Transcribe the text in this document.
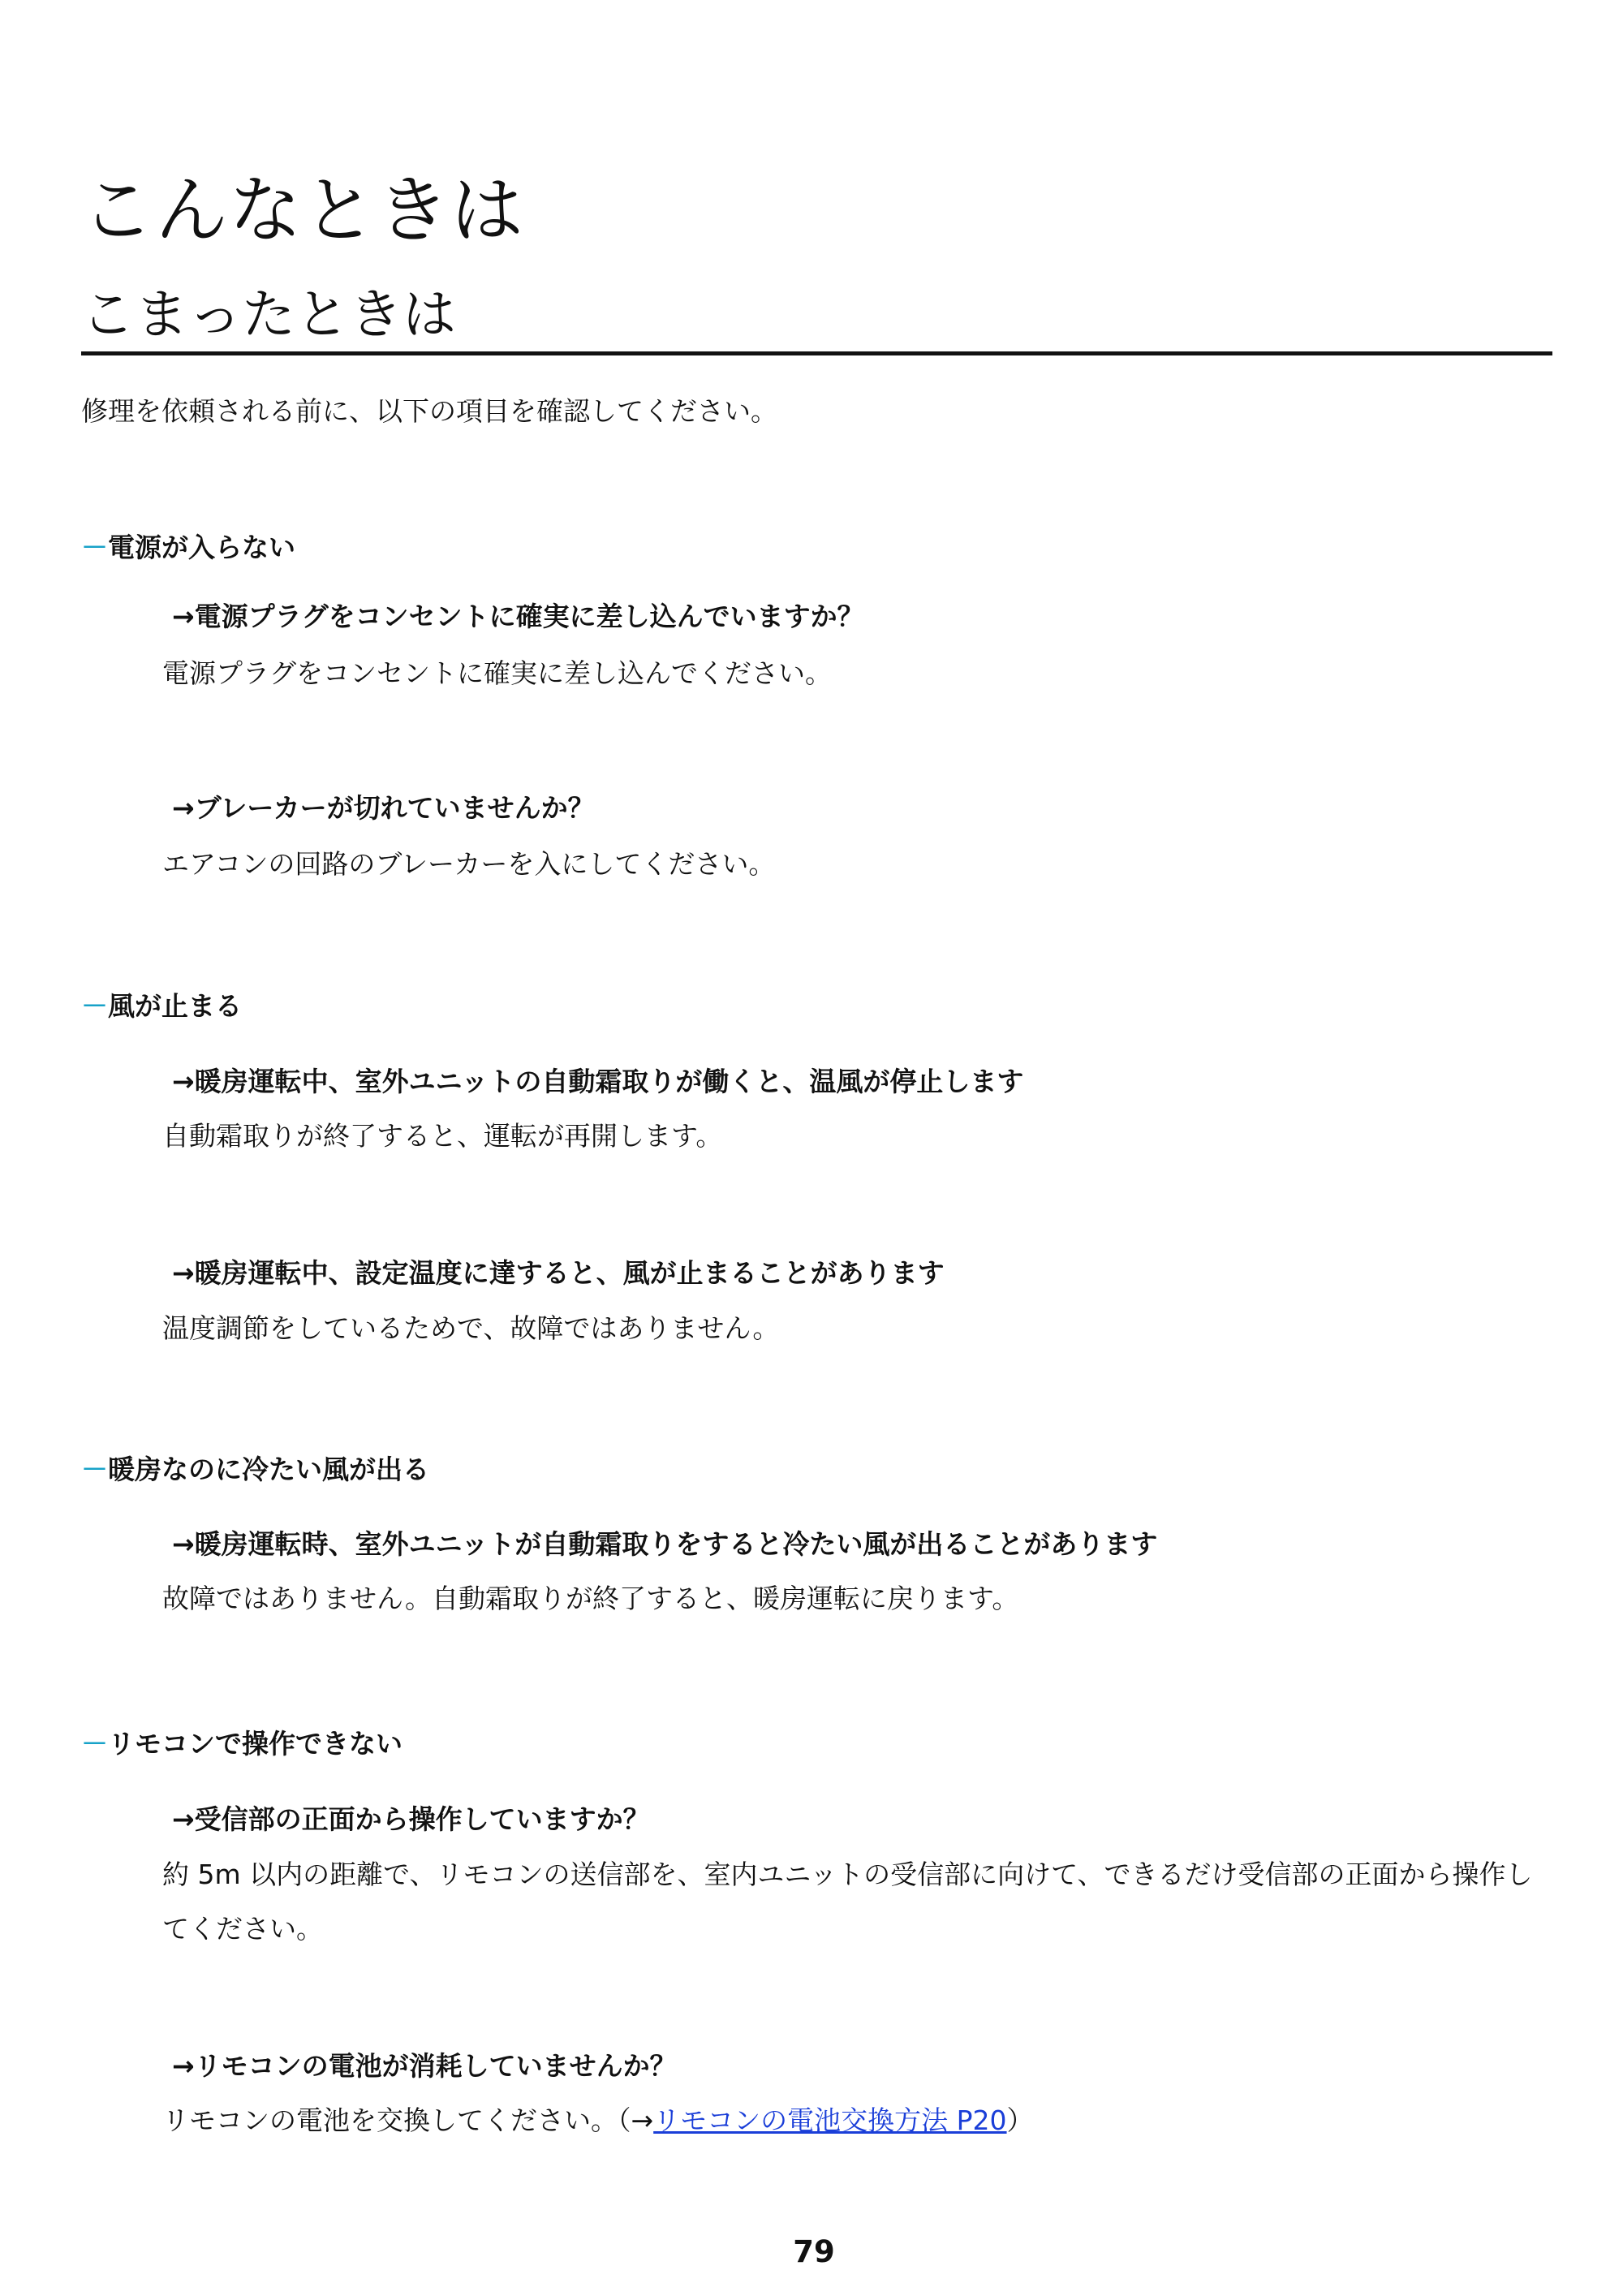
こんなときは
こまったときは
修理を依頼される前に、以下の項目を確認してください。
－電源が入らない
→電源プラグをコンセントに確実に差し込んでいますか？
電源プラグをコンセントに確実に差し込んでください。
→ブレーカーが切れていませんか？
エアコンの回路のブレーカーを入にしてください。
－風が止まる
→暖房運転中、室外ユニットの自動霜取りが働くと、温風が停止します
自動霜取りが終了すると、運転が再開します。
→暖房運転中、設定温度に達すると、風が止まることがあります
温度調節をしているためで、故障ではありません。
－暖房なのに冷たい風が出る
→暖房運転時、室外ユニットが自動霜取りをすると冷たい風が出ることがあります
故障ではありません。自動霜取りが終了すると、暖房運転に戻ります。
－リモコンで操作できない
→受信部の正面から操作していますか？
約 5m 以内の距離で、リモコンの送信部を、室内ユニットの受信部に向けて、できるだけ受信部の正面から操作してください。
→リモコンの電池が消耗していませんか？
リモコンの電池を交換してください。（→リモコンの電池交換方法 P20）
79
